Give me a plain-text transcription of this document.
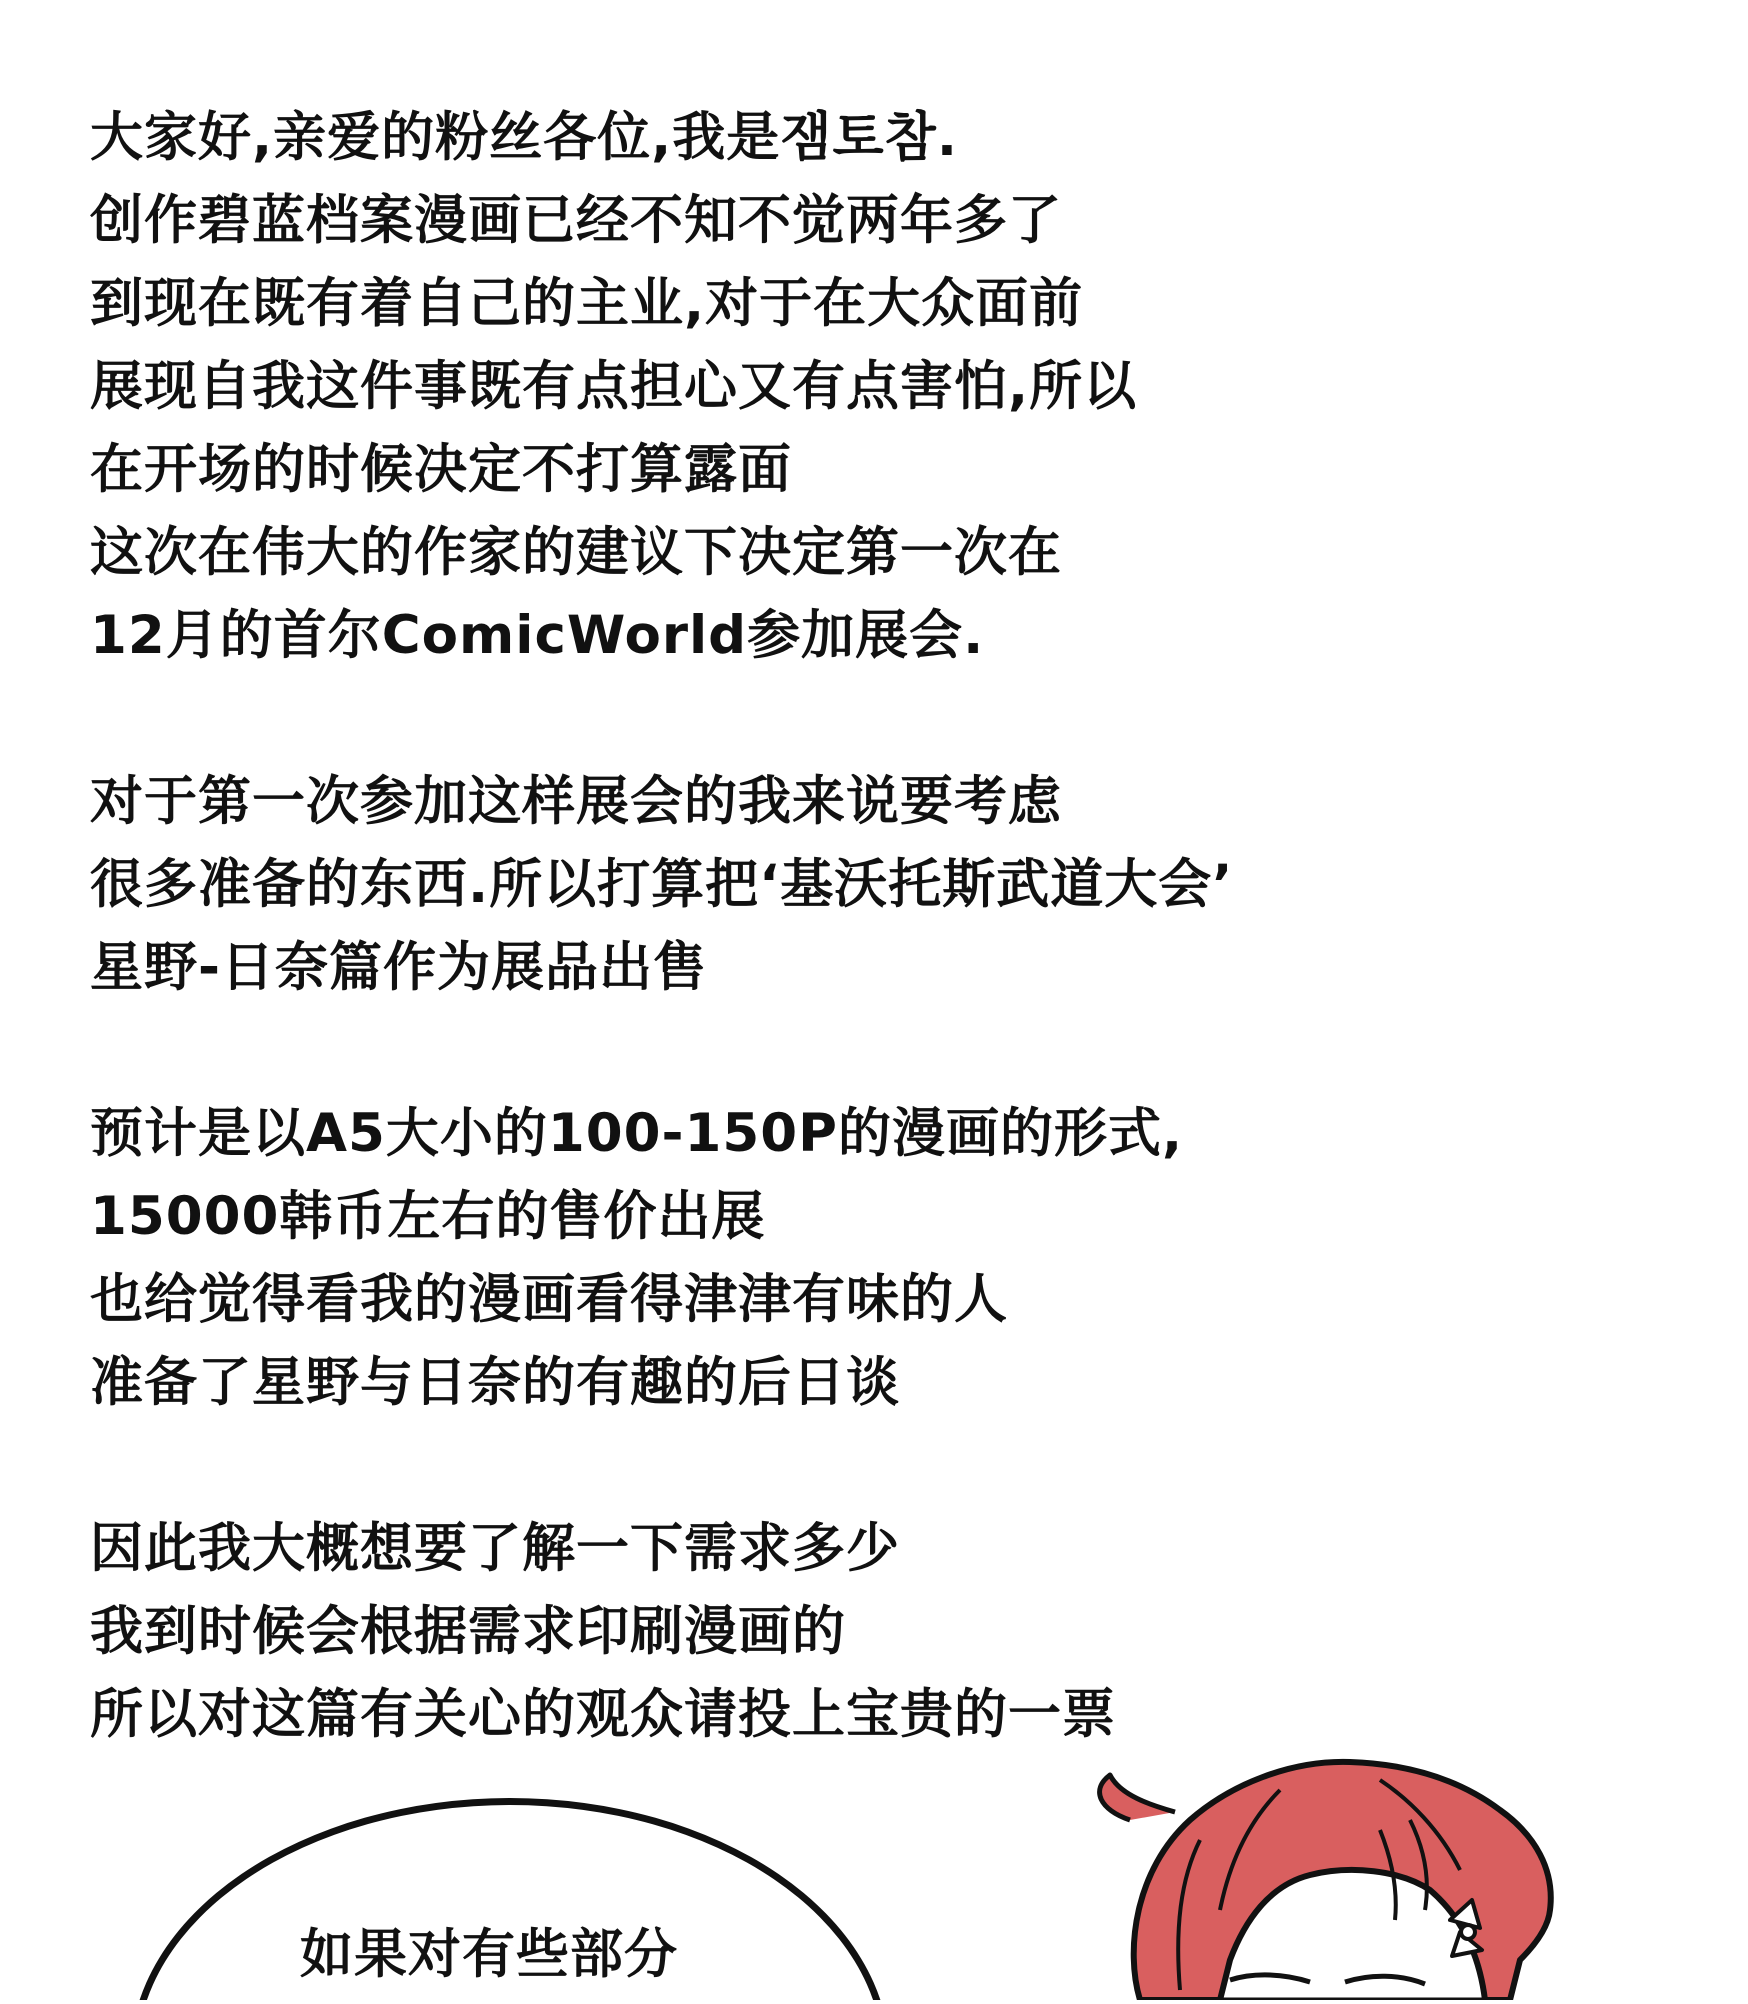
大家好,亲爱的粉丝各位,我是잼토참.
创作碧蓝档案漫画已经不知不觉两年多了
到现在既有着自己的主业,对于在大众面前
展现自我这件事既有点担心又有点害怕,所以
在开场的时候决定不打算露面
这次在伟大的作家的建议下决定第一次在
12月的首尔ComicWorld参加展会.
对于第一次参加这样展会的我来说要考虑
很多准备的东西.所以打算把‘基沃托斯武道大会’
星野-日奈篇作为展品出售
预计是以A5大小的100-150P的漫画的形式,
15000韩币左右的售价出展
也给觉得看我的漫画看得津津有味的人
准备了星野与日奈的有趣的后日谈
因此我大概想要了解一下需求多少
我到时候会根据需求印刷漫画的
所以对这篇有关心的观众请投上宝贵的一票
如果对有些部分
